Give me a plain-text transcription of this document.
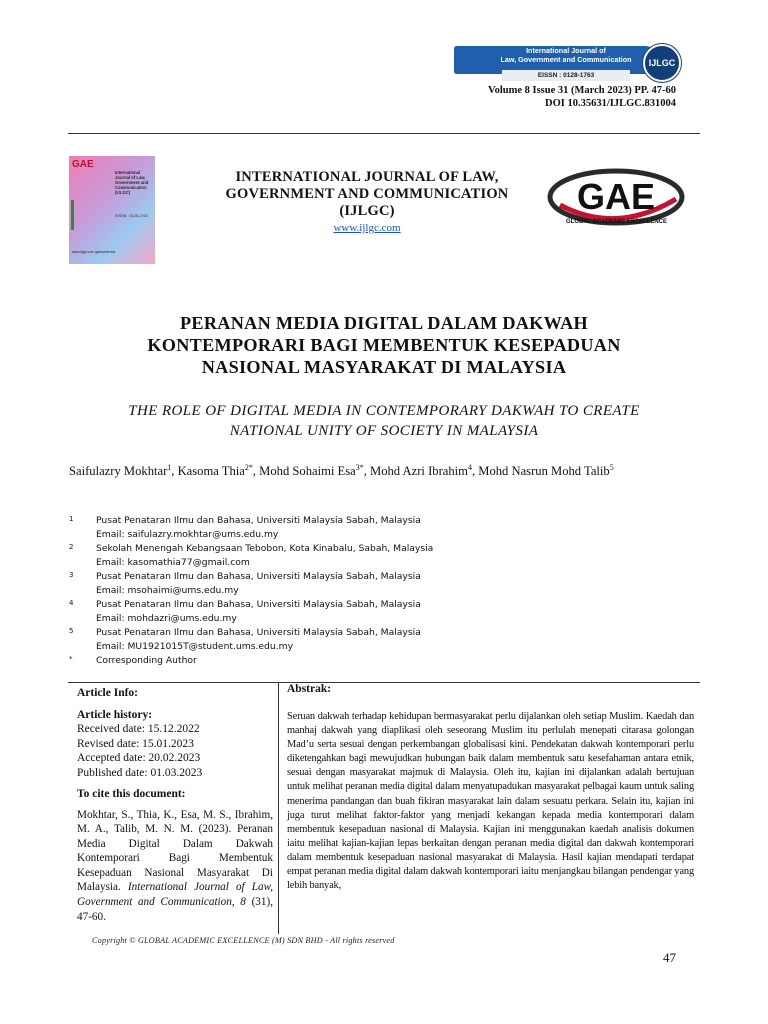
International Journal of
Law, Government and Communication
EISSN : 0128-1763
IJLGC
Volume 8 Issue 31 (March 2023) PP. 47-60
DOI 10.35631/IJLGC.831004
GAE
International Journal of Law, Government and Communication (IJLGC)
EISSN : 0128-1763
www.ijlgc.com gaexcellence
INTERNATIONAL JOURNAL OF LAW,
GOVERNMENT AND COMMUNICATION
(IJLGC)
www.ijlgc.com
GAE
GLOBAL ACADEMIC EXCELLENCE
PERANAN MEDIA DIGITAL DALAM DAKWAH
KONTEMPORARI BAGI MEMBENTUK KESEPADUAN
NASIONAL MASYARAKAT DI MALAYSIA
THE ROLE OF DIGITAL MEDIA IN CONTEMPORARY DAKWAH TO CREATE
NATIONAL UNITY OF SOCIETY IN MALAYSIA
Saifulazry Mokhtar$^1$, Kasoma Thia$^{2*}$, Mohd Sohaimi Esa$^{3*}$, Mohd Azri Ibrahim$^4$, Mohd Nasrun Mohd Talib$^5$
1 Pusat Penataran Ilmu dan Bahasa, Universiti Malaysia Sabah, Malaysia
Email: saifulazry.mokhtar@ums.edu.my
2 Sekolah Menengah Kebangsaan Tebobon, Kota Kinabalu, Sabah, Malaysia
Email: kasomathia77@gmail.com
3 Pusat Penataran Ilmu dan Bahasa, Universiti Malaysia Sabah, Malaysia
Email: msohaimi@ums.edu.my
4 Pusat Penataran Ilmu dan Bahasa, Universiti Malaysia Sabah, Malaysia
Email: mohdazri@ums.edu.my
5 Pusat Penataran Ilmu dan Bahasa, Universiti Malaysia Sabah, Malaysia
Email: MU1921015T@student.ums.edu.my
*	Corresponding Author

Article Info:

Article history:

Received date: 15.12.2022

Revised date: 15.01.2023

Accepted date: 20.02.2023

Published date: 01.03.2023

To cite this document:

Mokhtar, S., Thia, K., Esa, M. S., Ibrahim, M. A., Talib, M. N. M. (2023). Peranan Media Digital Dalam Dakwah Kontemporari Bagi Membentuk Kesepaduan Nasional Masyarakat Di Malaysia. International Journal of Law, Government and Communication, 8 (31), 47-60.
Abstrak:
Seruan dakwah terhadap kehidupan bermasyarakat perlu dijalankan oleh setiap Muslim. Kaedah dan manhaj dakwah yang diaplikasi oleh seseorang Muslim itu perlulah menepati citarasa golongan Mad’u serta sesuai dengan perkembangan globalisasi kini. Pendekatan dakwah kontemporari perlu diketengahkan bagi mewujudkan hubungan baik dalam membentuk satu kesefahaman antara etnik, sesuai dengan masyarakat majmuk di Malaysia. Oleh itu, kajian ini dijalankan adalah bertujuan untuk melihat peranan media digital dalam menyatupadukan masyarakat pelbagai kaum untuk saling menerima pandangan dan buah fikiran masyarakat lain dalam sesuatu perkara. Selain itu, kajian ini juga turut melihat faktor-faktor yang menjadi kekangan kepada media kontemporari dalam membentuk kesepaduan nasional di Malaysia. Kajian ini menggunakan kaedah analisis dokumen iaitu melihat kajian-kajian lepas berkaitan dengan peranan media digital dan dakwah kontemporari dalam membentuk kesepaduan nasional masyarakat di Malaysia. Hasil kajian mendapati terdapat empat peranan media digital dalam dakwah kontemporari iaitu menjangkau bilangan pendengar yang lebih banyak,
Copyright © GLOBAL ACADEMIC EXCELLENCE (M) SDN BHD - All rights reserved
47
